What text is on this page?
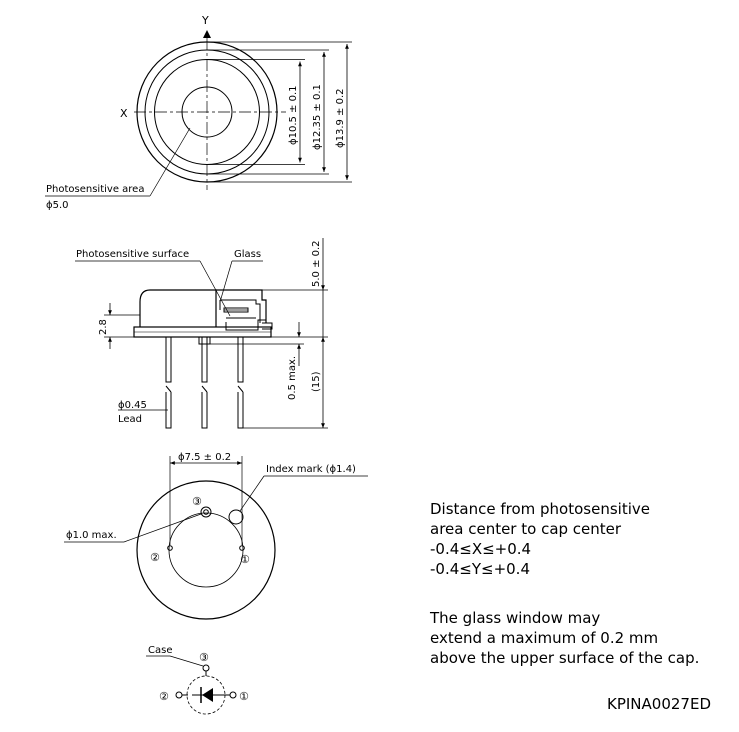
Y
X	ϕ13.9 ± 0.2
ϕ12.35 ± 0.1
ϕ10.5 ± 0.1
Photosensitive area
ϕ5.0
Photosensitive surface	Glass	5.0 ± 0.2
(15)
0.5 max.
2.8
ϕ0.45
Lead
③
②	①
ϕ7.5 ± 0.2
Index mark (ϕ1.4)
ϕ1.0 max.
Case
③
②	①
Distance from photosensitive
area center to cap center
-0.4≤X≤+0.4
-0.4≤Y≤+0.4
The glass window may
extend a maximum of 0.2 mm
above the upper surface of the cap.
KPINA0027ED
